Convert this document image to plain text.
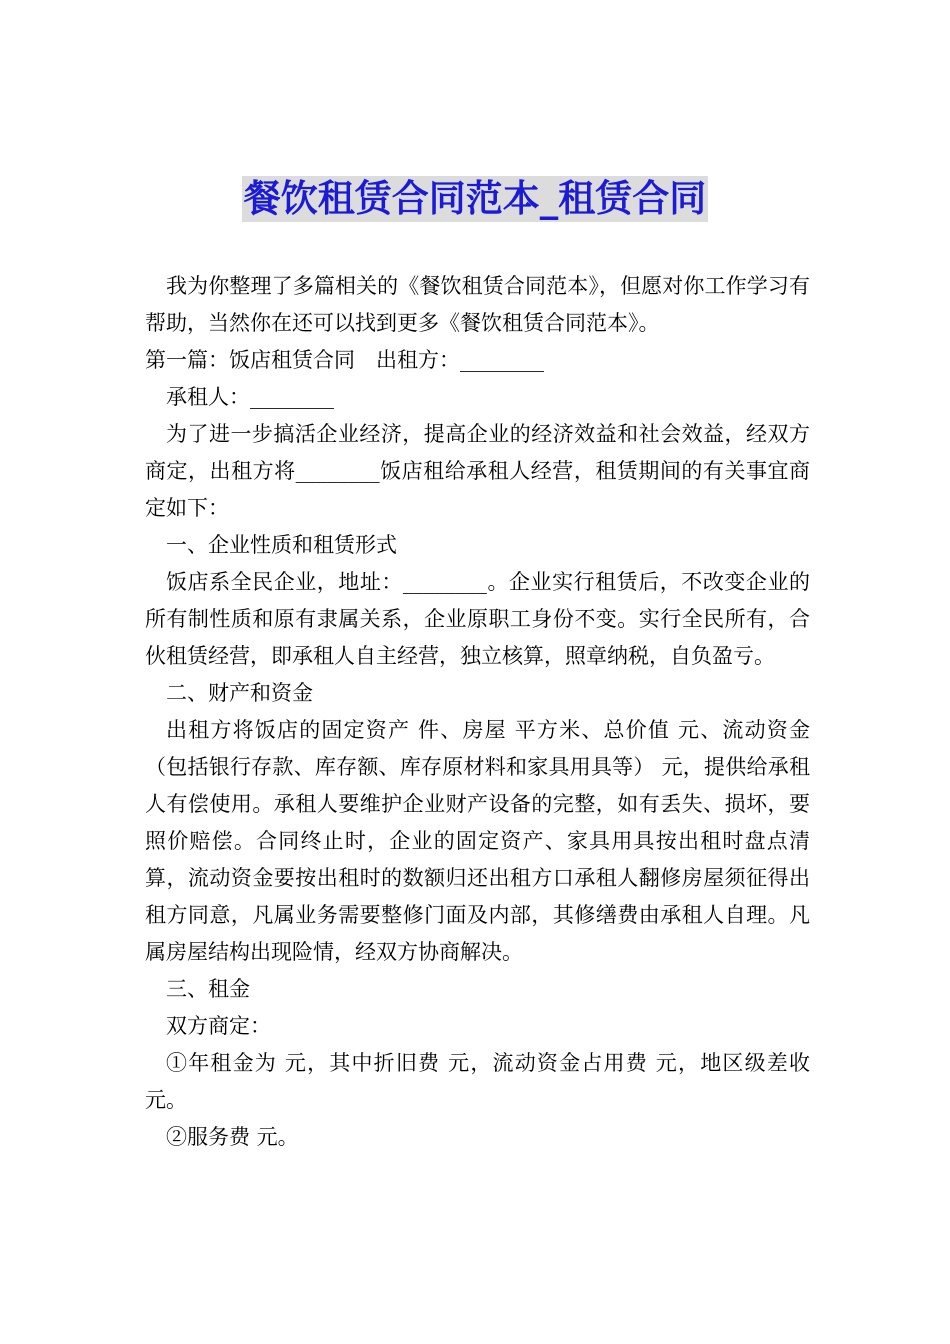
餐饮租赁合同范本_租赁合同

我为你整理了多篇相关的《餐饮租赁合同范本》，但愿对你工作学习有帮助，当然你在还可以找到更多《餐饮租赁合同范本》。

第一篇：饭店租赁合同　出租方：________

承租人：________

为了进一步搞活企业经济，提高企业的经济效益和社会效益，经双方商定，出租方将________饭店租给承租人经营，租赁期间的有关事宜商定如下：

一、企业性质和租赁形式

饭店系全民企业，地址：________。企业实行租赁后，不改变企业的所有制性质和原有隶属关系，企业原职工身份不变。实行全民所有，合伙租赁经营，即承租人自主经营，独立核算，照章纳税，自负盈亏。

二、财产和资金

出租方将饭店的固定资产 件、房屋 平方米、总价值 元、流动资金（包括银行存款、库存额、库存原材料和家具用具等） 元，提供给承租人有偿使用。承租人要维护企业财产设备的完整，如有丢失、损坏，要照价赔偿。合同终止时，企业的固定资产、家具用具按出租时盘点清算，流动资金要按出租时的数额归还出租方口承租人翻修房屋须征得出租方同意，凡属业务需要整修门面及内部，其修缮费由承租人自理。凡属房屋结构出现险情，经双方协商解决。

三、租金

双方商定：

①年租金为 元，其中折旧费 元，流动资金占用费 元，地区级差收 元。

②服务费 元。
